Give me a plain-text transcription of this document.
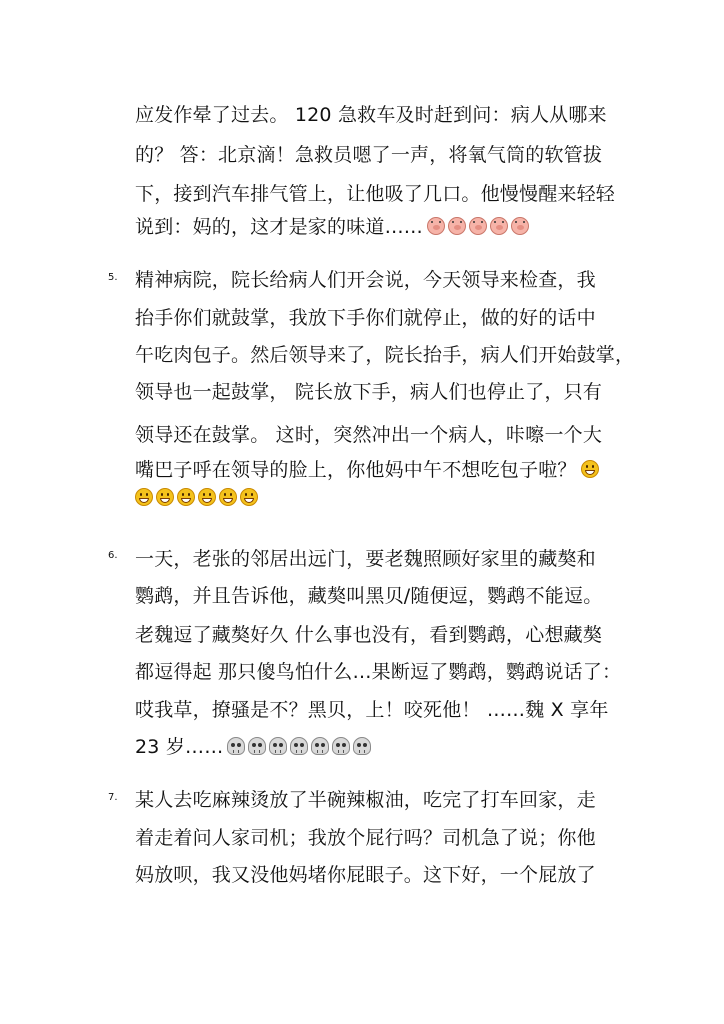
应发作晕了过去。 120 急救车及时赶到问：病人从哪来
的？ 答：北京滴！急救员嗯了一声，将氧气筒的软管拔
下，接到汽车排气管上，让他吸了几口。他慢慢醒来轻轻
说到：妈的，这才是家的味道……
5. 精神病院，院长给病人们开会说，今天领导来检查，我
抬手你们就鼓掌，我放下手你们就停止，做的好的话中
午吃肉包子。然后领导来了，院长抬手，病人们开始鼓掌，
领导也一起鼓掌， 院长放下手，病人们也停止了，只有
领导还在鼓掌。 这时，突然冲出一个病人，咔嚓一个大
嘴巴子呼在领导的脸上，你他妈中午不想吃包子啦？
6. 一天，老张的邻居出远门，要老魏照顾好家里的藏獒和
鹦鹉，并且告诉他，藏獒叫黑贝/随便逗，鹦鹉不能逗。
老魏逗了藏獒好久 什么事也没有，看到鹦鹉，心想藏獒
都逗得起 那只傻鸟怕什么…果断逗了鹦鹉，鹦鹉说话了：
哎我草，撩骚是不？黑贝，上！咬死他！ ……魏 X 享年
23 岁……
7. 某人去吃麻辣烫放了半碗辣椒油，吃完了打车回家，走
着走着问人家司机；我放个屁行吗？司机急了说；你他
妈放呗，我又没他妈堵你屁眼子。这下好，一个屁放了
